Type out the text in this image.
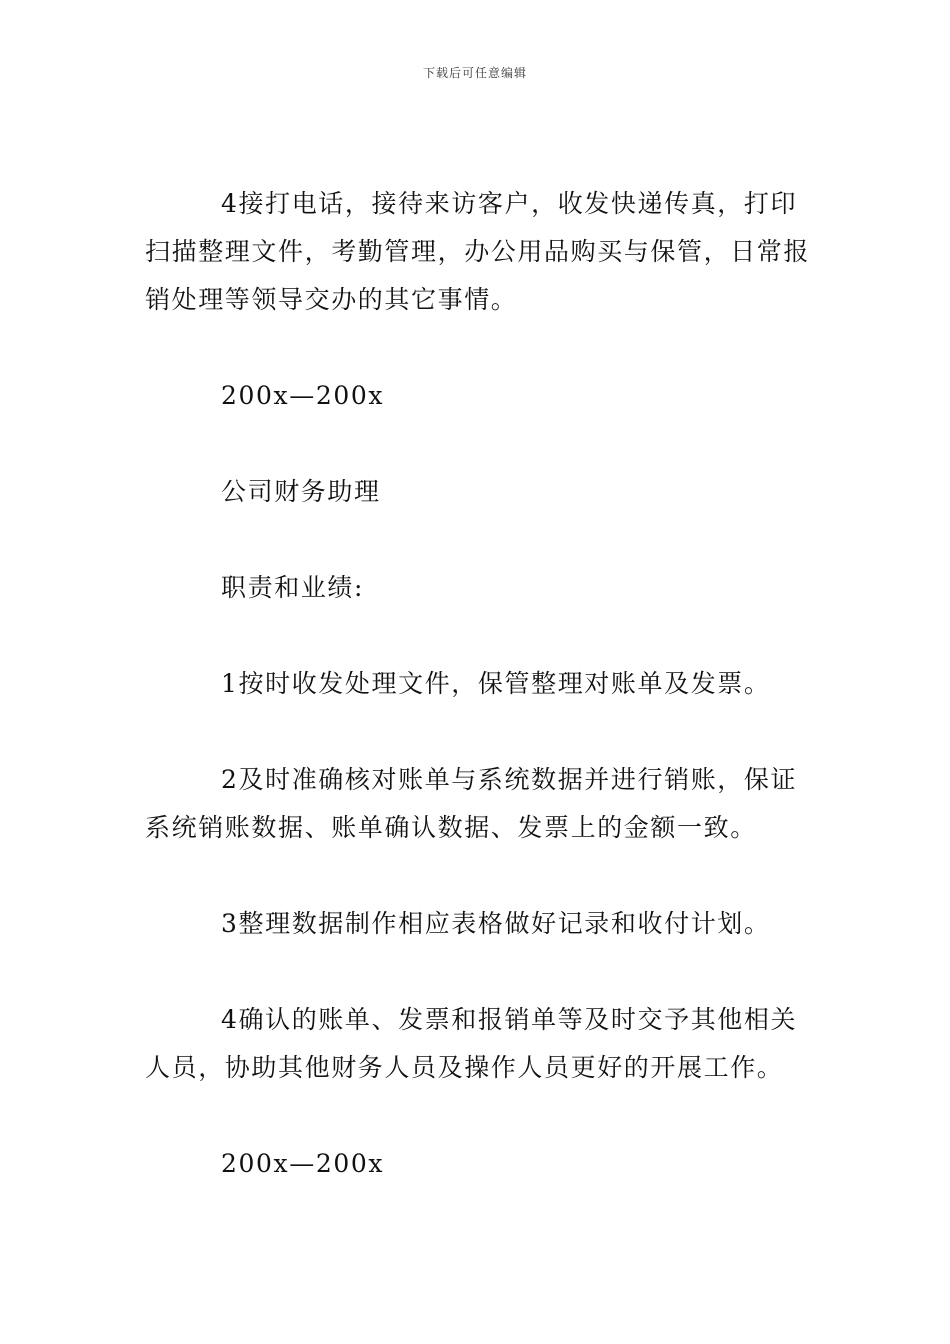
下载后可任意编辑

4接打电话，接待来访客户，收发快递传真，打印扫描整理文件，考勤管理，办公用品购买与保管，日常报销处理等领导交办的其它事情。

200x—200x

公司财务助理

职责和业绩:

1按时收发处理文件，保管整理对账单及发票。

2及时准确核对账单与系统数据并进行销账，保证系统销账数据、账单确认数据、发票上的金额一致。

3整理数据制作相应表格做好记录和收付计划。

4确认的账单、发票和报销单等及时交予其他相关人员，协助其他财务人员及操作人员更好的开展工作。

200x—200x
